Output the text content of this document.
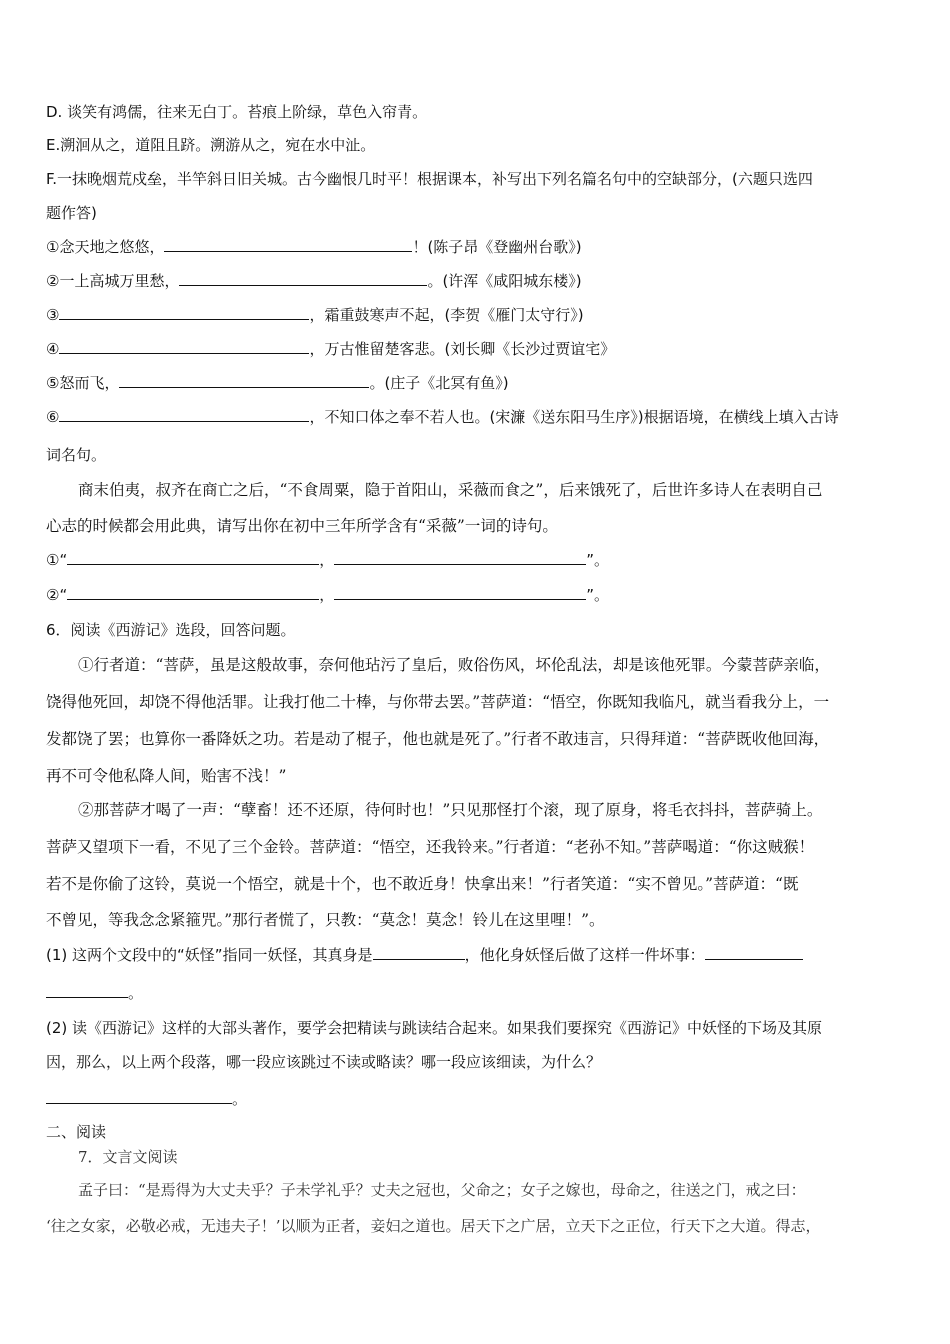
D. 谈笑有鸿儒，往来无白丁。苔痕上阶绿，草色入帘青。
E.溯洄从之，道阻且跻。溯游从之，宛在水中沚。
F.一抹晚烟荒戍垒，半竿斜日旧关城。古今幽恨几时平！根据课本，补写出下列名篇名句中的空缺部分，(六题只选四
题作答)
①念天地之悠悠，	！(陈子昂《登幽州台歌》)
②一上高城万里愁，	。(许浑《咸阳城东楼》)
③	，霜重鼓寒声不起，(李贺《雁门太守行》)
④	，万古惟留楚客悲。(刘长卿《长沙过贾谊宅》
⑤怒而飞，	。(庄子《北冥有鱼》)
⑥	，不知口体之奉不若人也。(宋濂《送东阳马生序》)根据语境，在横线上填入古诗
词名句。
商末伯夷，叔齐在商亡之后，“不食周粟，隐于首阳山，采薇而食之”，后来饿死了，后世许多诗人在表明自己
心志的时候都会用此典，请写出你在初中三年所学含有“采薇”一词的诗句。
①“	，	”。
②“	，	”。
6．阅读《西游记》选段，回答问题。
①行者道：“菩萨，虽是这般故事，奈何他玷污了皇后，败俗伤风，坏伦乱法，却是该他死罪。今蒙菩萨亲临，
饶得他死回，却饶不得他活罪。让我打他二十棒，与你带去罢。”菩萨道：“悟空，你既知我临凡，就当看我分上，一
发都饶了罢；也算你一番降妖之功。若是动了棍子，他也就是死了。”行者不敢违言，只得拜道：“菩萨既收他回海，
再不可令他私降人间，贻害不浅！”
②那菩萨才喝了一声：“孽畜！还不还原，待何时也！”只见那怪打个滚，现了原身，将毛衣抖抖，菩萨骑上。
菩萨又望项下一看，不见了三个金铃。菩萨道：“悟空，还我铃来。”行者道：“老孙不知。”菩萨喝道：“你这贼猴！
若不是你偷了这铃，莫说一个悟空，就是十个，也不敢近身！快拿出来！”行者笑道：“实不曾见。”菩萨道：“既
不曾见，等我念念紧箍咒。”那行者慌了，只教：“莫念！莫念！铃儿在这里哩！”。
(1) 这两个文段中的“妖怪”指同一妖怪，其真身是	，他化身妖怪后做了这样一件坏事：
。
(2) 读《西游记》这样的大部头著作，要学会把精读与跳读结合起来。如果我们要探究《西游记》中妖怪的下场及其原
因，那么，以上两个段落，哪一段应该跳过不读或略读？哪一段应该细读，为什么？
。
二、阅读
7．文言文阅读
孟子曰：“是焉得为大丈夫乎？子未学礼乎？丈夫之冠也，父命之；女子之嫁也，母命之，往送之门，戒之曰：
‘往之女家，必敬必戒，无违夫子！’以顺为正者，妾妇之道也。居天下之广居，立天下之正位，行天下之大道。得志，
